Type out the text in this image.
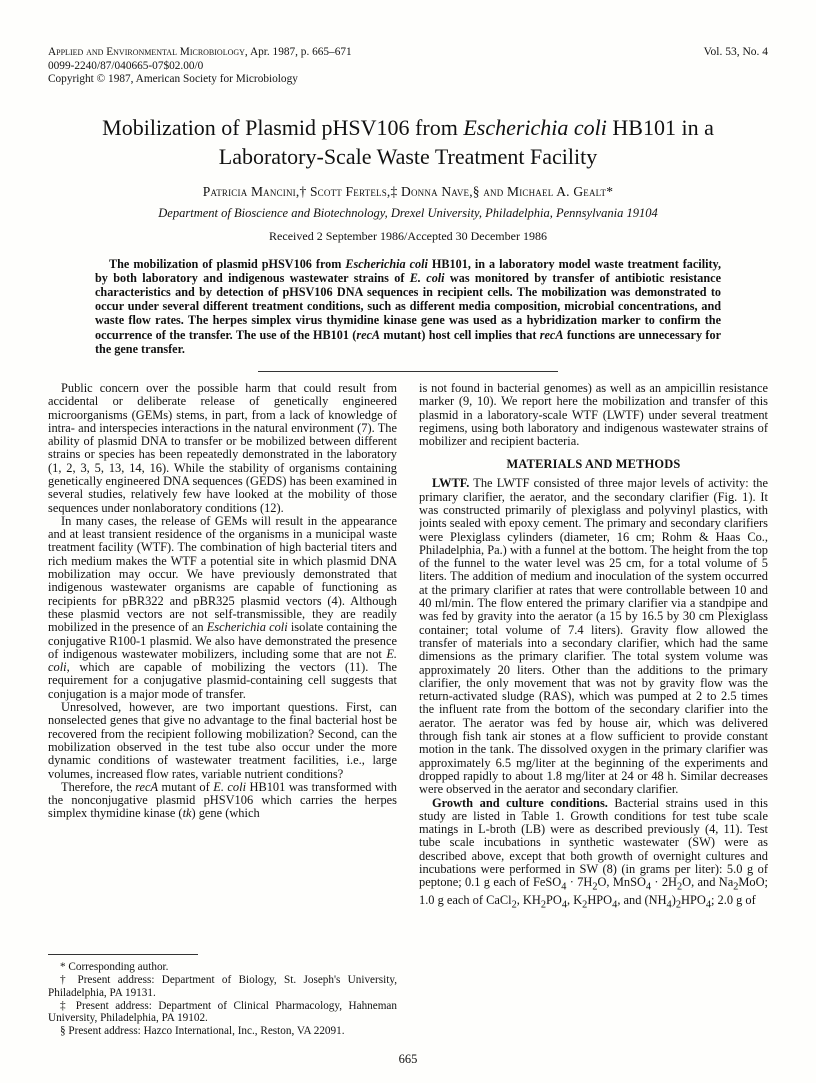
Applied and Environmental Microbiology, Apr. 1987, p. 665–671
0099-2240/87/040665-07$02.00/0
Copyright © 1987, American Society for Microbiology
Vol. 53, No. 4
Mobilization of Plasmid pHSV106 from Escherichia coli HB101 in a Laboratory-Scale Waste Treatment Facility
Patricia Mancini,† Scott Fertels,‡ Donna Nave,§ and Michael A. Gealt*
Department of Bioscience and Biotechnology, Drexel University, Philadelphia, Pennsylvania 19104
Received 2 September 1986/Accepted 30 December 1986

The mobilization of plasmid pHSV106 from Escherichia coli HB101, in a laboratory model waste treatment facility, by both laboratory and indigenous wastewater strains of E. coli was monitored by transfer of antibiotic resistance characteristics and by detection of pHSV106 DNA sequences in recipient cells. The mobilization was demonstrated to occur under several different treatment conditions, such as different media composition, microbial concentrations, and waste flow rates. The herpes simplex virus thymidine kinase gene was used as a hybridization marker to confirm the occurrence of the transfer. The use of the HB101 (recA mutant) host cell implies that recA functions are unnecessary for the gene transfer.

Public concern over the possible harm that could result from accidental or deliberate release of genetically engineered microorganisms (GEMs) stems, in part, from a lack of knowledge of intra- and interspecies interactions in the natural environment (7). The ability of plasmid DNA to transfer or be mobilized between different strains or species has been repeatedly demonstrated in the laboratory (1, 2, 3, 5, 13, 14, 16). While the stability of organisms containing genetically engineered DNA sequences (GEDS) has been examined in several studies, relatively few have looked at the mobility of those sequences under nonlaboratory conditions (12).

In many cases, the release of GEMs will result in the appearance and at least transient residence of the organisms in a municipal waste treatment facility (WTF). The combination of high bacterial titers and rich medium makes the WTF a potential site in which plasmid DNA mobilization may occur. We have previously demonstrated that indigenous wastewater organisms are capable of functioning as recipients for pBR322 and pBR325 plasmid vectors (4). Although these plasmid vectors are not self-transmissible, they are readily mobilized in the presence of an Escherichia coli isolate containing the conjugative R100-1 plasmid. We also have demonstrated the presence of indigenous wastewater mobilizers, including some that are not E. coli, which are capable of mobilizing the vectors (11). The requirement for a conjugative plasmid-containing cell suggests that conjugation is a major mode of transfer.

Unresolved, however, are two important questions. First, can nonselected genes that give no advantage to the final bacterial host be recovered from the recipient following mobilization? Second, can the mobilization observed in the test tube also occur under the more dynamic conditions of wastewater treatment facilities, i.e., large volumes, increased flow rates, variable nutrient conditions?

Therefore, the recA mutant of E. coli HB101 was transformed with the nonconjugative plasmid pHSV106 which carries the herpes simplex thymidine kinase (tk) gene (which

* Corresponding author.

† Present address: Department of Biology, St. Joseph's University, Philadelphia, PA 19131.

‡ Present address: Department of Clinical Pharmacology, Hahneman University, Philadelphia, PA 19102.

§ Present address: Hazco International, Inc., Reston, VA 22091.

is not found in bacterial genomes) as well as an ampicillin resistance marker (9, 10). We report here the mobilization and transfer of this plasmid in a laboratory-scale WTF (LWTF) under several treatment regimens, using both laboratory and indigenous wastewater strains of mobilizer and recipient bacteria.

MATERIALS AND METHODS

LWTF. The LWTF consisted of three major levels of activity: the primary clarifier, the aerator, and the secondary clarifier (Fig. 1). It was constructed primarily of plexiglass and polyvinyl plastics, with joints sealed with epoxy cement. The primary and secondary clarifiers were Plexiglass cylinders (diameter, 16 cm; Rohm & Haas Co., Philadelphia, Pa.) with a funnel at the bottom. The height from the top of the funnel to the water level was 25 cm, for a total volume of 5 liters. The addition of medium and inoculation of the system occurred at the primary clarifier at rates that were controllable between 10 and 40 ml/min. The flow entered the primary clarifier via a standpipe and was fed by gravity into the aerator (a 15 by 16.5 by 30 cm Plexiglass container; total volume of 7.4 liters). Gravity flow allowed the transfer of materials into a secondary clarifier, which had the same dimensions as the primary clarifier. The total system volume was approximately 20 liters. Other than the additions to the primary clarifier, the only movement that was not by gravity flow was the return-activated sludge (RAS), which was pumped at 2 to 2.5 times the influent rate from the bottom of the secondary clarifier into the aerator. The aerator was fed by house air, which was delivered through fish tank air stones at a flow sufficient to provide constant motion in the tank. The dissolved oxygen in the primary clarifier was approximately 6.5 mg/liter at the beginning of the experiments and dropped rapidly to about 1.8 mg/liter at 24 or 48 h. Similar decreases were observed in the aerator and secondary clarifier.

Growth and culture conditions. Bacterial strains used in this study are listed in Table 1. Growth conditions for test tube scale matings in L-broth (LB) were as described previously (4, 11). Test tube scale incubations in synthetic wastewater (SW) were as described above, except that both growth of overnight cultures and incubations were performed in SW (8) (in grams per liter): 5.0 g of peptone; 0.1 g each of FeSO$_4$ · $7H_2O$, MnSO$_4$ · $2H_2O$, and $Na_2MoO$; 1.0 g each of CaCl$_2$, $KH_2PO_4$, $K_2HPO_4$, and $(NH_4)_2HPO_4$; 2.0 g of

665
